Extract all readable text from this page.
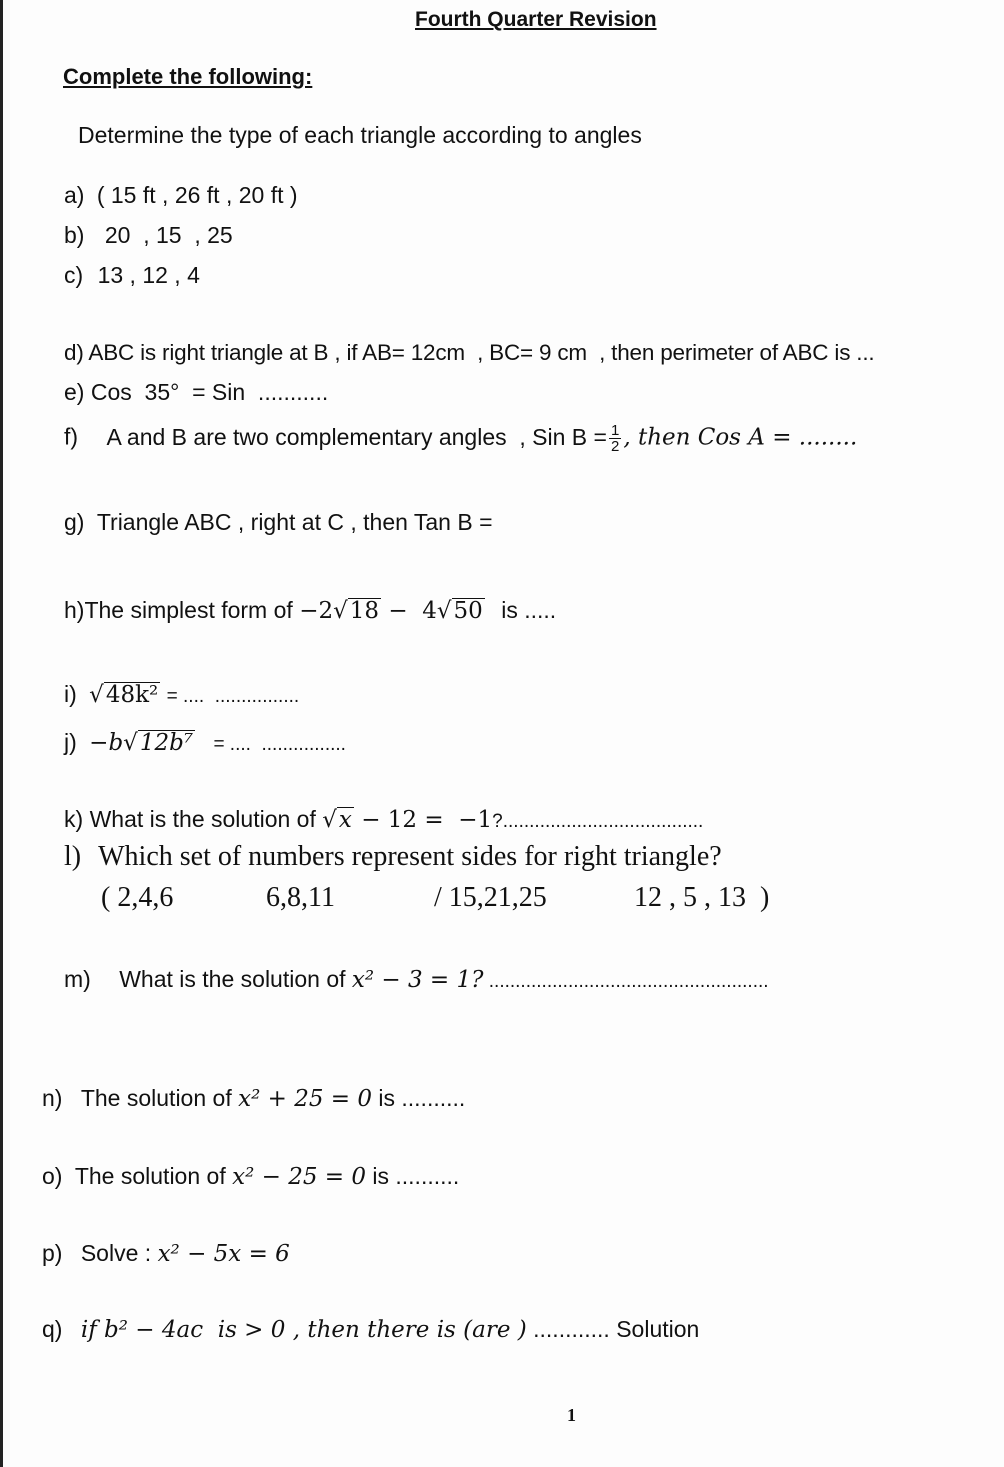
Fourth Quarter Revision
Complete the following:
Determine the type of each triangle according to angles
a) ( 15 ft , 26 ft , 20 ft )
b) 20  , 15  , 25
c) 13 , 12 , 4
d) ABC is right triangle at B , if AB= 12cm  , BC= 9 cm  , then perimeter of ABC is ...
e) Cos  35°  = Sin  ...........
f) A and B are two complementary angles  , Sin $B = \frac{1}{2}$ , then Cos A = ........
g) Triangle ABC , right at C , then Tan B =
h)The simplest form of −2√18 −  4√50 is .....
i) √48k² = ....  ................
j) −b√12b⁷ = ....  ................
k) What is the solution of √x − 12 =  −1?......................................
l) Which set of numbers represent sides for right triangle?
( 2,4,6	6,8,11	/ 15,21,25	12 , 5 , 13  )
m) What is the solution of x² − 3 = 1? .....................................................
n) The solution of x² + 25 = 0 is ..........
o) The solution of x² − 25 = 0 is ..........
p) Solve : x² − 5x = 6
q) if b² − 4ac  is > 0 , then there is (are ) ............ Solution
1
